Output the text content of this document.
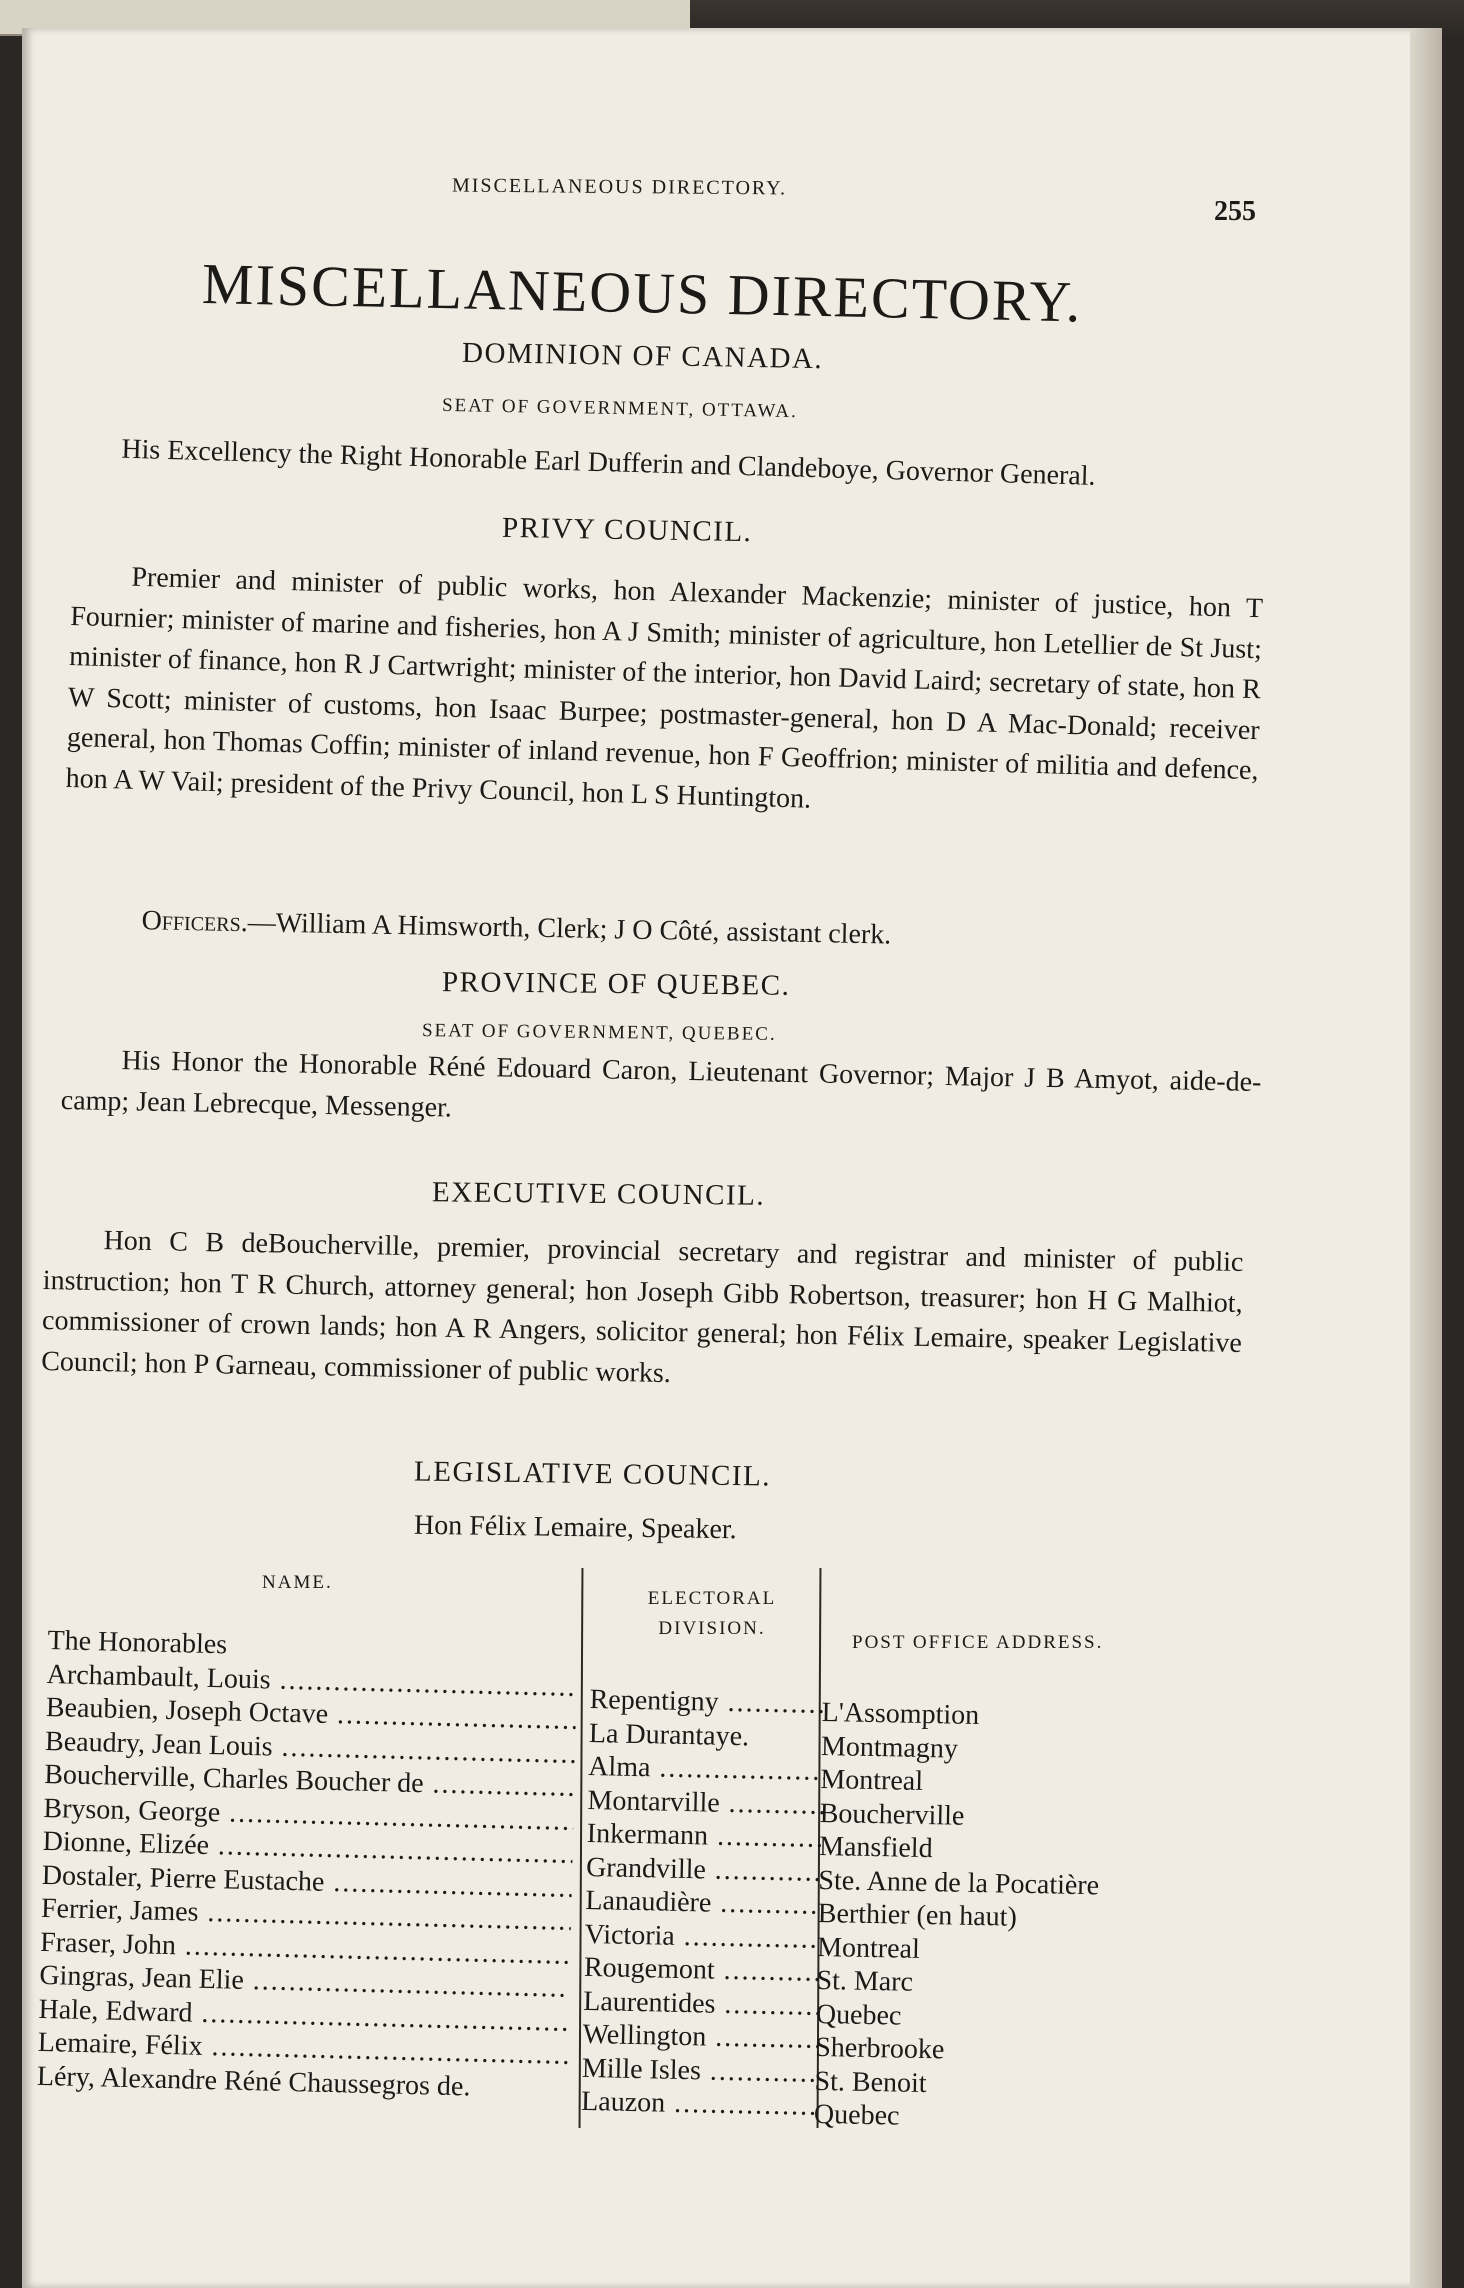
MISCELLANEOUS DIRECTORY.
255
MISCELLANEOUS DIRECTORY.
DOMINION OF CANADA.
SEAT OF GOVERNMENT, OTTAWA.
His Excellency the Right Honorable Earl Dufferin and Clandeboye, Governor General.
PRIVY COUNCIL.
Premier and minister of public works, hon Alexander Mackenzie; minister of justice, hon T Fournier; minister of marine and fisheries, hon A J Smith; minister of agriculture, hon Letellier de St Just; minister of finance, hon R J Cartwright; minister of the interior, hon David Laird; secretary of state, hon R W Scott; minister of customs, hon Isaac Burpee; postmaster-general, hon D A Mac-Donald; receiver general, hon Thomas Coffin; minister of inland revenue, hon F Geoffrion; minister of militia and defence, hon A W Vail; president of the Privy Council, hon L S Huntington.
Officers.—William A Himsworth, Clerk; J O Côté, assistant clerk.
PROVINCE OF QUEBEC.
SEAT OF GOVERNMENT, QUEBEC.
His Honor the Honorable Réné Edouard Caron, Lieutenant Governor; Major J B Amyot, aide-de-camp; Jean Lebrecque, Messenger.
EXECUTIVE COUNCIL.
Hon C B deBoucherville, premier, provincial secretary and registrar and minister of public instruction; hon T R Church, attorney general; hon Joseph Gibb Robertson, treasurer; hon H G Malhiot, commissioner of crown lands; hon A R Angers, solicitor general; hon Félix Lemaire, speaker Legislative Council; hon P Garneau, commissioner of public works.
LEGISLATIVE COUNCIL.
Hon Félix Lemaire, Speaker.
NAME.
ELECTORAL DIVISION.
POST OFFICE ADDRESS.
The Honorables
Archambault, Louis .....
Beaubien, Joseph Octave .....
Beaudry, Jean Louis .....
Boucherville, Charles Boucher de .....
Bryson, George .....
Dionne, Elizée .....
Dostaler, Pierre Eustache .....
Ferrier, James .....
Fraser, John .....
Gingras, Jean Elie .....
Hale, Edward .....
Lemaire, Félix .....
Léry, Alexandre Réné Chaussegros de.
Repentigny .....
La Durantaye.
Alma .....
Montarville .....
Inkermann .....
Grandville .....
Lanaudière .....
Victoria .....
Rougemont .....
Laurentides .....
Wellington .....
Mille Isles .....
Lauzon .....
L'Assomption
Montmagny
Montreal
Boucherville
Mansfield
Ste. Anne de la Pocatière
Berthier (en haut)
Montreal
St. Marc
Quebec
Sherbrooke
St. Benoit
Quebec
